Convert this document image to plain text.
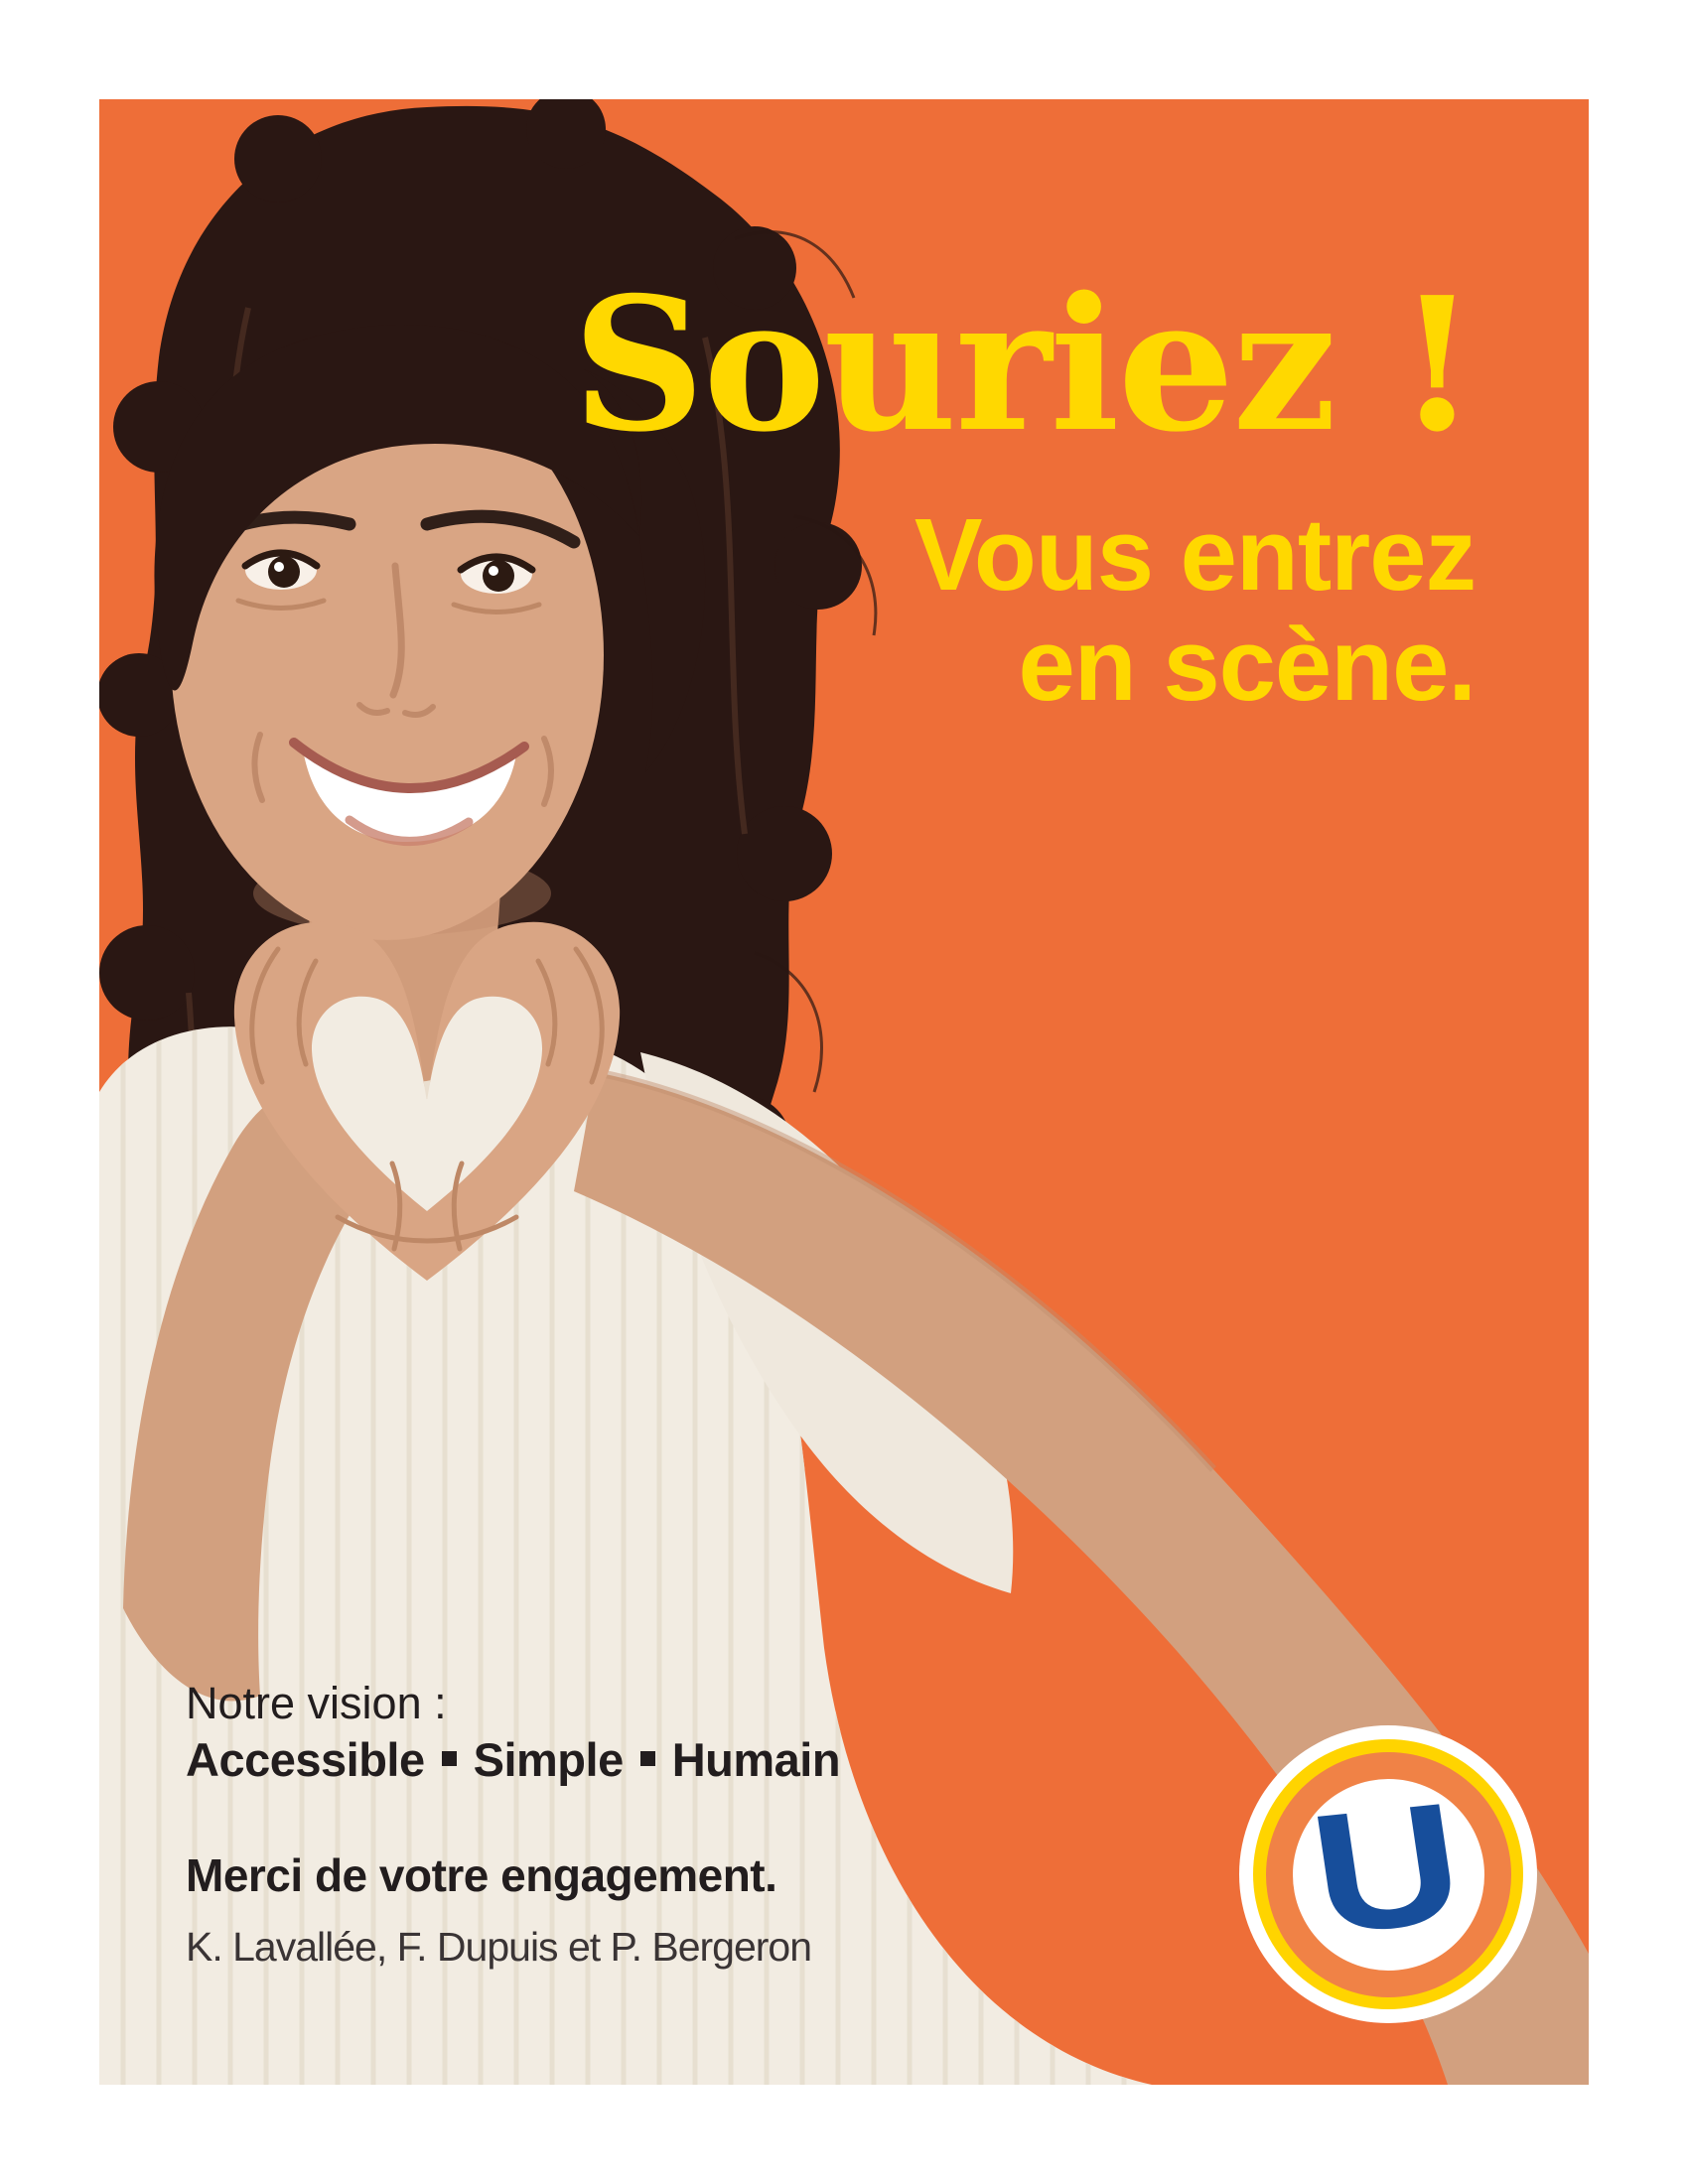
Souriez !
Vous entrez
en scène.
Notre vision :
Accessible Simple Humain
Merci de votre engagement.
K. Lavallée, F. Dupuis et P. Bergeron	U
